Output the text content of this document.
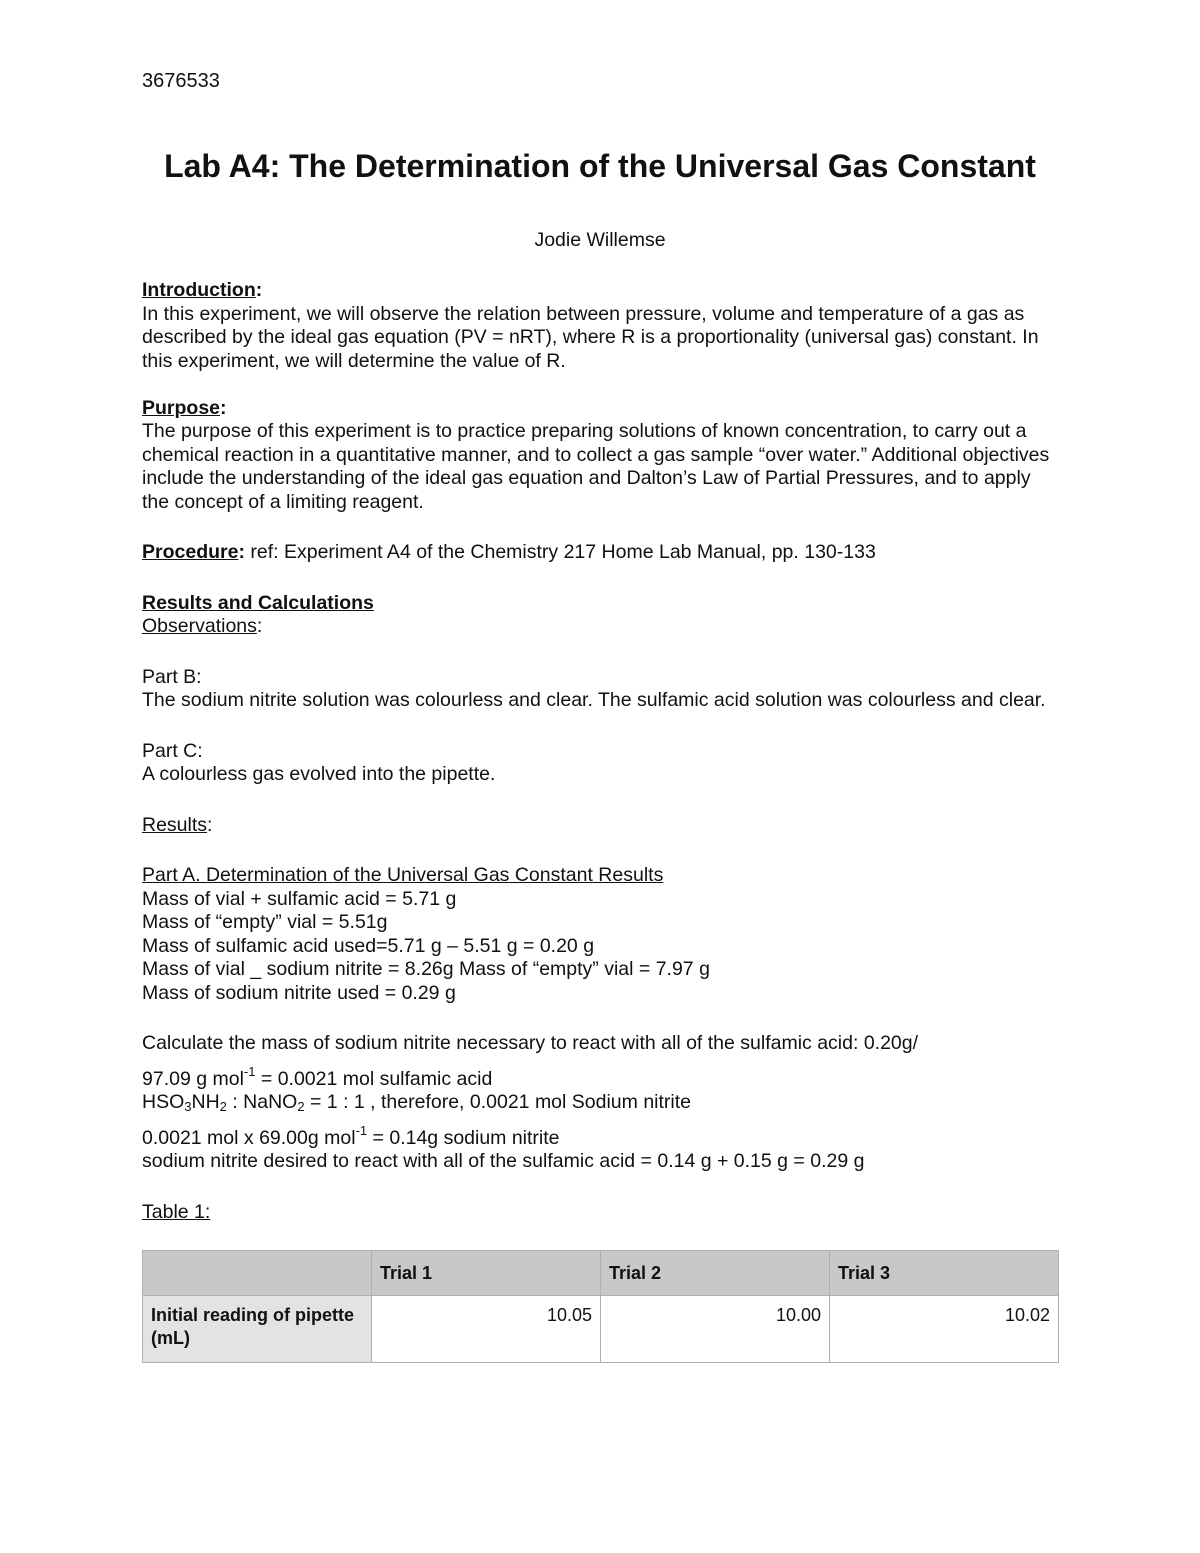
3676533
Lab A4: The Determination of the Universal Gas Constant
Jodie Willemse

Introduction:

In this experiment, we will observe the relation between pressure, volume and temperature of a gas as described by the ideal gas equation (PV = nRT), where R is a proportionality (universal gas) constant. In this experiment, we will determine the value of R.

Purpose:

The purpose of this experiment is to practice preparing solutions of known concentration, to carry out a chemical reaction in a quantitative manner, and to collect a gas sample “over water.” Additional objectives include the understanding of the ideal gas equation and Dalton’s Law of Partial Pressures, and to apply the concept of a limiting reagent.

Procedure: ref: Experiment A4 of the Chemistry 217 Home Lab Manual, pp. 130-133

Results and Calculations

Observations:

Part B:

The sodium nitrite solution was colourless and clear. The sulfamic acid solution was colourless and clear.

Part C:

A colourless gas evolved into the pipette.

Results:

Part A. Determination of the Universal Gas Constant Results

Mass of vial + sulfamic acid = 5.71 g

Mass of “empty” vial = 5.51g

Mass of sulfamic acid used=5.71 g – 5.51 g = 0.20 g

Mass of vial _ sodium nitrite = 8.26g Mass of “empty” vial = 7.97 g

Mass of sodium nitrite used = 0.29 g

Calculate the mass of sodium nitrite necessary to react with all of the sulfamic acid: 0.20g/

97.09 g mol$^{-1}$ = 0.0021 mol sulfamic acid

$HSO_3NH_2$ : NaNO$_2$ = 1 : 1 , therefore, 0.0021 mol Sodium nitrite

0.0021 mol x 69.00g mol$^{-1}$ = 0.14g sodium nitrite

sodium nitrite desired to react with all of the sulfamic acid = 0.14 g + 0.15 g = 0.29 g

Table 1:

	Trial 1	Trial 2	Trial 3
Initial reading of pipette (mL)	10.05	10.00	10.02
